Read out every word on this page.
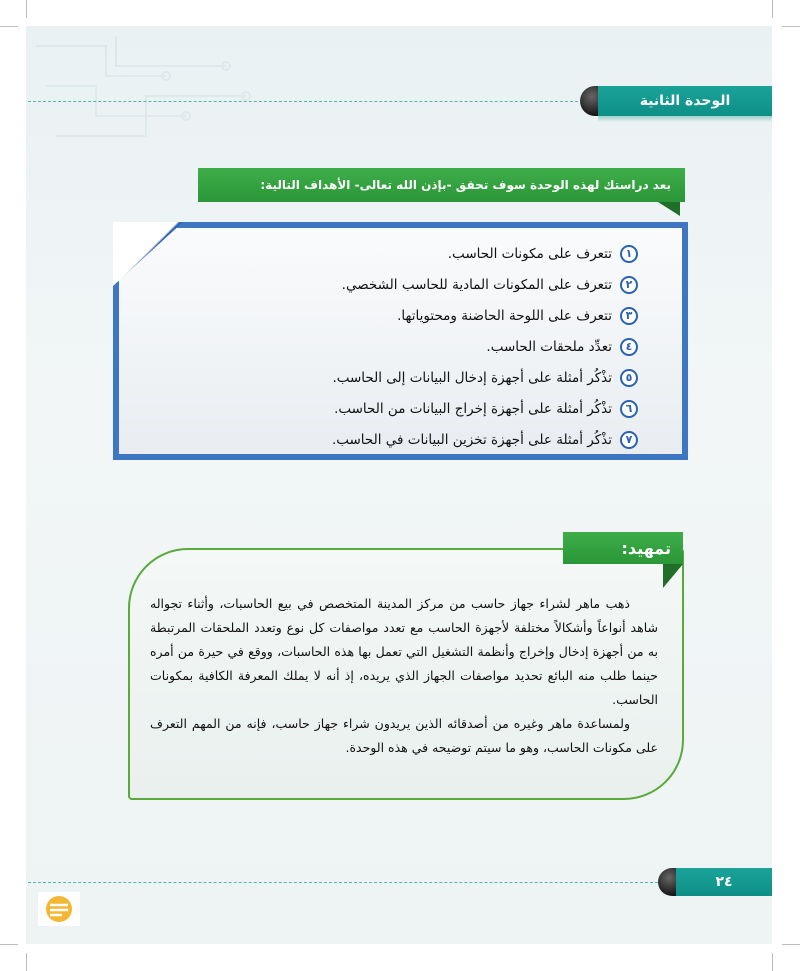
الوحدة الثانية
بعد دراستك لهذه الوحدة سوف تحقق -بإذن الله تعالى- الأهداف التالية:
١
تتعرف على مكونات الحاسب.
٢
تتعرف على المكونات المادية للحاسب الشخصي.
٣
تتعرف على اللوحة الحاضنة ومحتوياتها.
٤
تعدِّد ملحقات الحاسب.
٥
تذْكُر أمثلة على أجهزة إدخال البيانات إلى الحاسب.
٦
تذْكُر أمثلة على أجهزة إخراج البيانات من الحاسب.
٧
تذْكُر أمثلة على أجهزة تخزين البيانات في الحاسب.
تمهيد:

ذهب ماهر لشراء جهاز حاسب من مركز المدينة المتخصص في بيع الحاسبات، وأثناء تجواله شاهد أنواعاً وأشكالاً مختلفة لأجهزة الحاسب مع تعدد مواصفات كل نوع وتعدد الملحقات المرتبطة به من أجهزة إدخال وإخراج وأنظمة التشغيل التي تعمل بها هذه الحاسبات، ووقع في حيرة من أمره حينما طلب منه البائع تحديد مواصفات الجهاز الذي يريده، إذ أنه لا يملك المعرفة الكافية بمكونات الحاسب.

ولمساعدة ماهر وغيره من أصدقائه الذين يريدون شراء جهاز حاسب، فإنه من المهم التعرف على مكونات الحاسب، وهو ما سيتم توضيحه في هذه الوحدة.

٢٤
